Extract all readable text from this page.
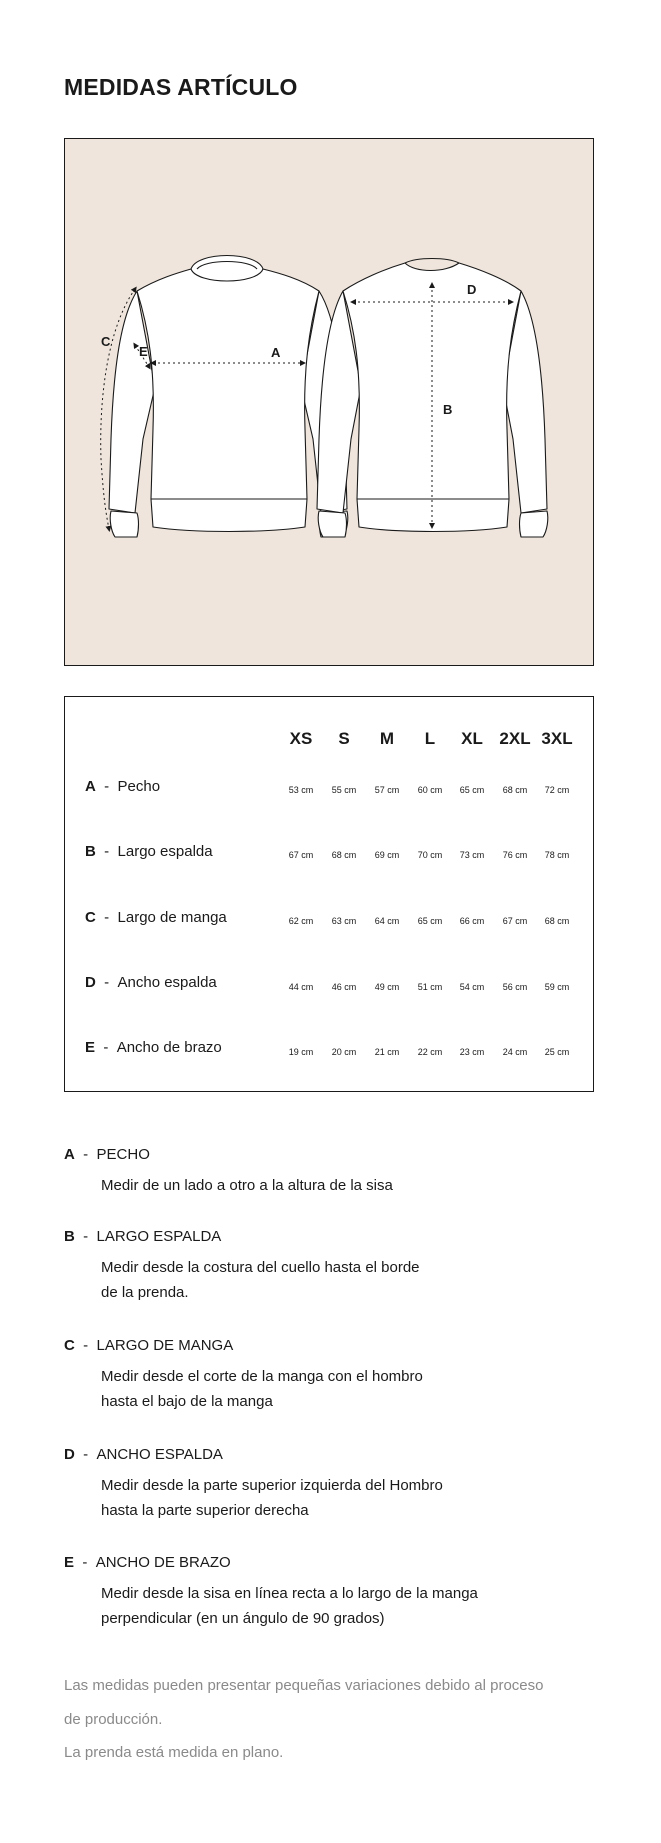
MEDIDAS ARTÍCULO
A
B
C
D
E
XS S M L XL 2XL 3XL
A  -  Pecho	53 cm 55 cm 57 cm 60 cm 65 cm 68 cm 72 cm
B  -  Largo espalda	67 cm 68 cm 69 cm 70 cm 73 cm 76 cm 78 cm
C  -  Largo de manga	62 cm 63 cm 64 cm 65 cm 66 cm 67 cm 68 cm
D  -  Ancho espalda	44 cm 46 cm 49 cm 51 cm 54 cm 56 cm 59 cm
E  -  Ancho de brazo	19 cm 20 cm 21 cm 22 cm 23 cm 24 cm 25 cm
A  -  PECHO
Medir de un lado a otro a la altura de la sisa
B  -  LARGO ESPALDA
Medir desde la costura del cuello hasta el borde
de la prenda.
C  -  LARGO DE MANGA
Medir desde el corte de la manga con el hombro
hasta el bajo de la manga
D  -  ANCHO ESPALDA
Medir desde la parte superior izquierda del Hombro
hasta la parte superior derecha
E  -  ANCHO DE BRAZO
Medir desde la sisa en línea recta a lo largo de la manga
perpendicular (en un ángulo de 90 grados)
Las medidas pueden presentar pequeñas variaciones debido al proceso
de producción.
La prenda está medida en plano.
